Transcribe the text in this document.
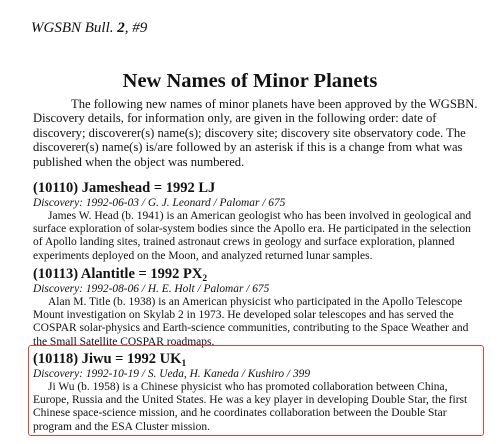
WGSBN Bull. 2, #9
New Names of Minor Planets

The following new names of minor planets have been approved by the WGSBN. Discovery details, for information only, are given in the following order: date of discovery; discoverer(s) name(s); discovery site; discovery site observatory code. The discoverer(s) name(s) is/are followed by an asterisk if this is a change from what was published when the object was numbered.

(10110) Jameshead = 1992 LJ
Discovery: 1992-06-03 / G. J. Leonard / Palomar / 675

James W. Head (b. 1941) is an American geologist who has been involved in geological and surface exploration of solar-system bodies since the Apollo era. He participated in the selection of Apollo landing sites, trained astronaut crews in geology and surface exploration, planned experiments deployed on the Moon, and analyzed returned lunar samples.

(10113) Alantitle = 1992 $PX_2$
Discovery: 1992-08-06 / H. E. Holt / Palomar / 675

Alan M. Title (b. 1938) is an American physicist who participated in the Apollo Telescope Mount investigation on Skylab 2 in 1973. He developed solar telescopes and has served the COSPAR solar-physics and Earth-science communities, contributing to the Space Weather and the Small Satellite COSPAR roadmaps.

(10118) Jiwu = 1992 $UK_1$
Discovery: 1992-10-19 / S. Ueda, H. Kaneda / Kushiro / 399

Ji Wu (b. 1958) is a Chinese physicist who has promoted collaboration between China, Europe, Russia and the United States. He was a key player in developing Double Star, the first Chinese space-science mission, and he coordinates collaboration between the Double Star program and the ESA Cluster mission.
